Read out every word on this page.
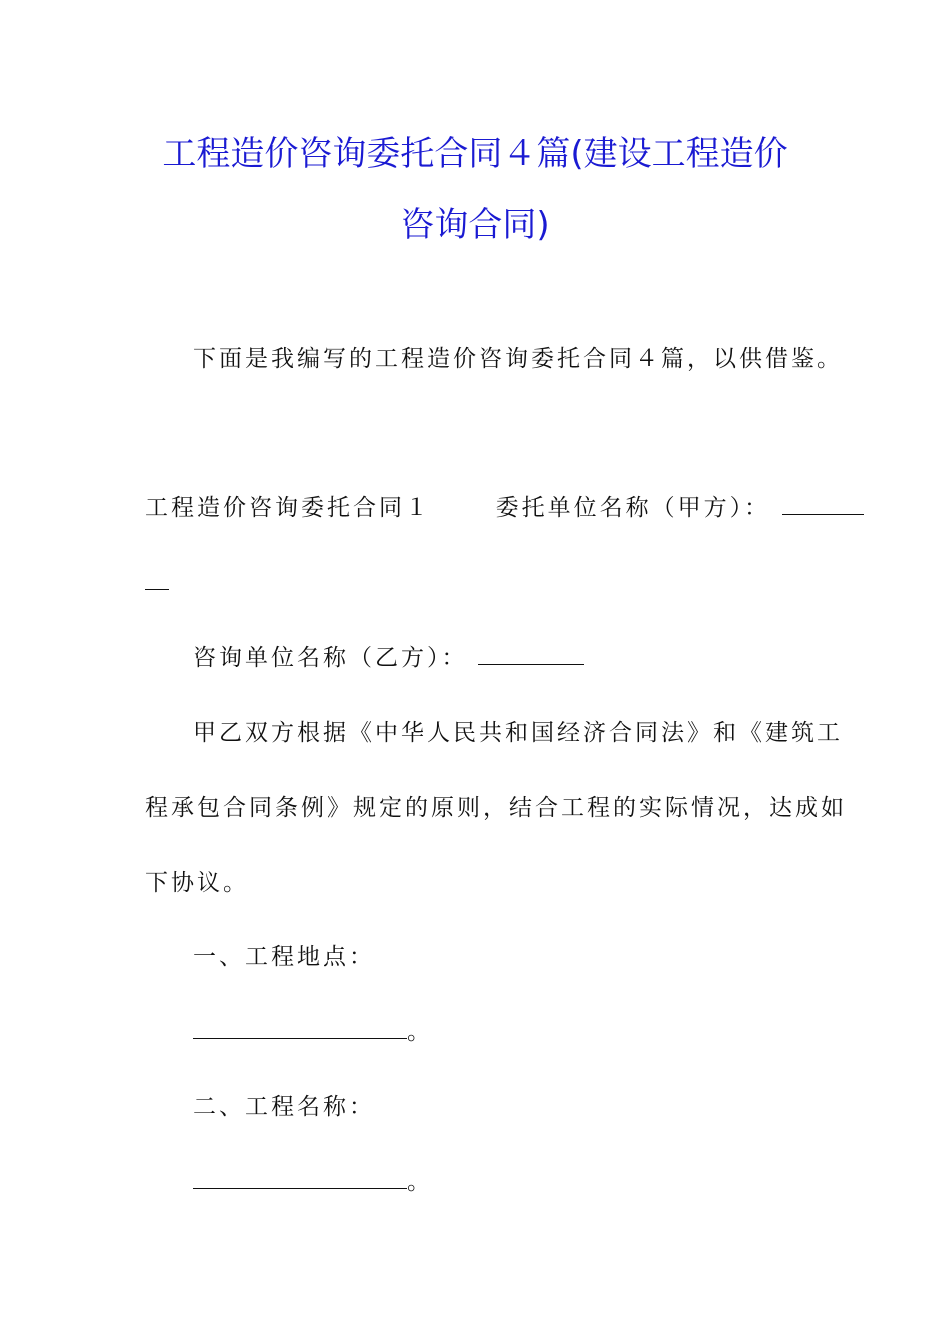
工程造价咨询委托合同４篇(建设工程造价
咨询合同)
下面是我编写的工程造价咨询委托合同４篇，以供借鉴。
工程造价咨询委托合同１	委托单位名称（甲方）：
咨询单位名称（乙方）：
甲乙双方根据《中华人民共和国经济合同法》和《建筑工
程承包合同条例》规定的原则，结合工程的实际情况，达成如
下协议。
一、工程地点：
。
二、工程名称：
。
